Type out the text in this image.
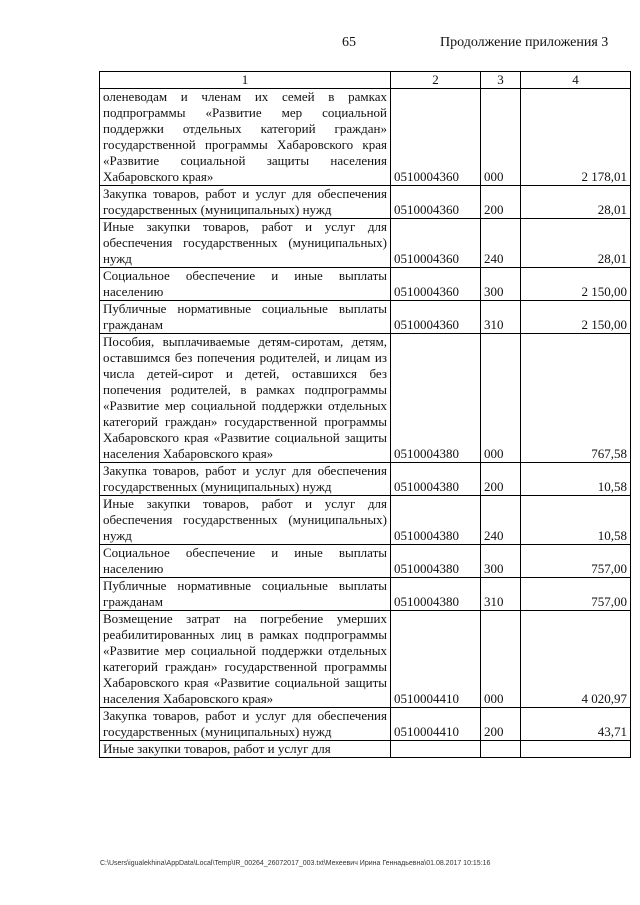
65	Продолжение приложения 3
1	2	3	4
оленеводам и членам их семей в рамках подпрограммы «Развитие мер социальной поддержки отдельных категорий граждан» государственной программы Хабаровского края «Развитие социальной защиты населения Хабаровского края»	0510004360	000	2 178,01
Закупка товаров, работ и услуг для обеспечения государственных (муниципальных) нужд	0510004360	200	28,01
Иные закупки товаров, работ и услуг для обеспечения государственных (муниципальных) нужд	0510004360	240	28,01
Социальное обеспечение и иные выплаты населению	0510004360	300	2 150,00
Публичные нормативные социальные выплаты гражданам	0510004360	310	2 150,00
Пособия, выплачиваемые детям-сиротам, детям, оставшимся без попечения родителей, и лицам из числа детей-сирот и детей, оставшихся без попечения родителей, в рамках подпрограммы «Развитие мер социальной поддержки отдельных категорий граждан» государственной программы Хабаровского края «Развитие социальной защиты населения Хабаровского края»	0510004380	000	767,58
Закупка товаров, работ и услуг для обеспечения государственных (муниципальных) нужд	0510004380	200	10,58
Иные закупки товаров, работ и услуг для обеспечения государственных (муниципальных) нужд	0510004380	240	10,58
Социальное обеспечение и иные выплаты населению	0510004380	300	757,00
Публичные нормативные социальные выплаты гражданам	0510004380	310	757,00
Возмещение затрат на погребение умерших реабилитированных лиц в рамках подпрограммы «Развитие мер социальной поддержки отдельных категорий граждан» государственной программы Хабаровского края «Развитие социальной защиты населения Хабаровского края»	0510004410	000	4 020,97
Закупка товаров, работ и услуг для обеспечения государственных (муниципальных) нужд	0510004410	200	43,71
Иные закупки товаров, работ и услуг для			
C:\Users\igualekhina\AppData\Local\Temp\IR_00264_26072017_003.txt\Мехеевич Ирина Геннадьевна\01.08.2017 10:15:16
